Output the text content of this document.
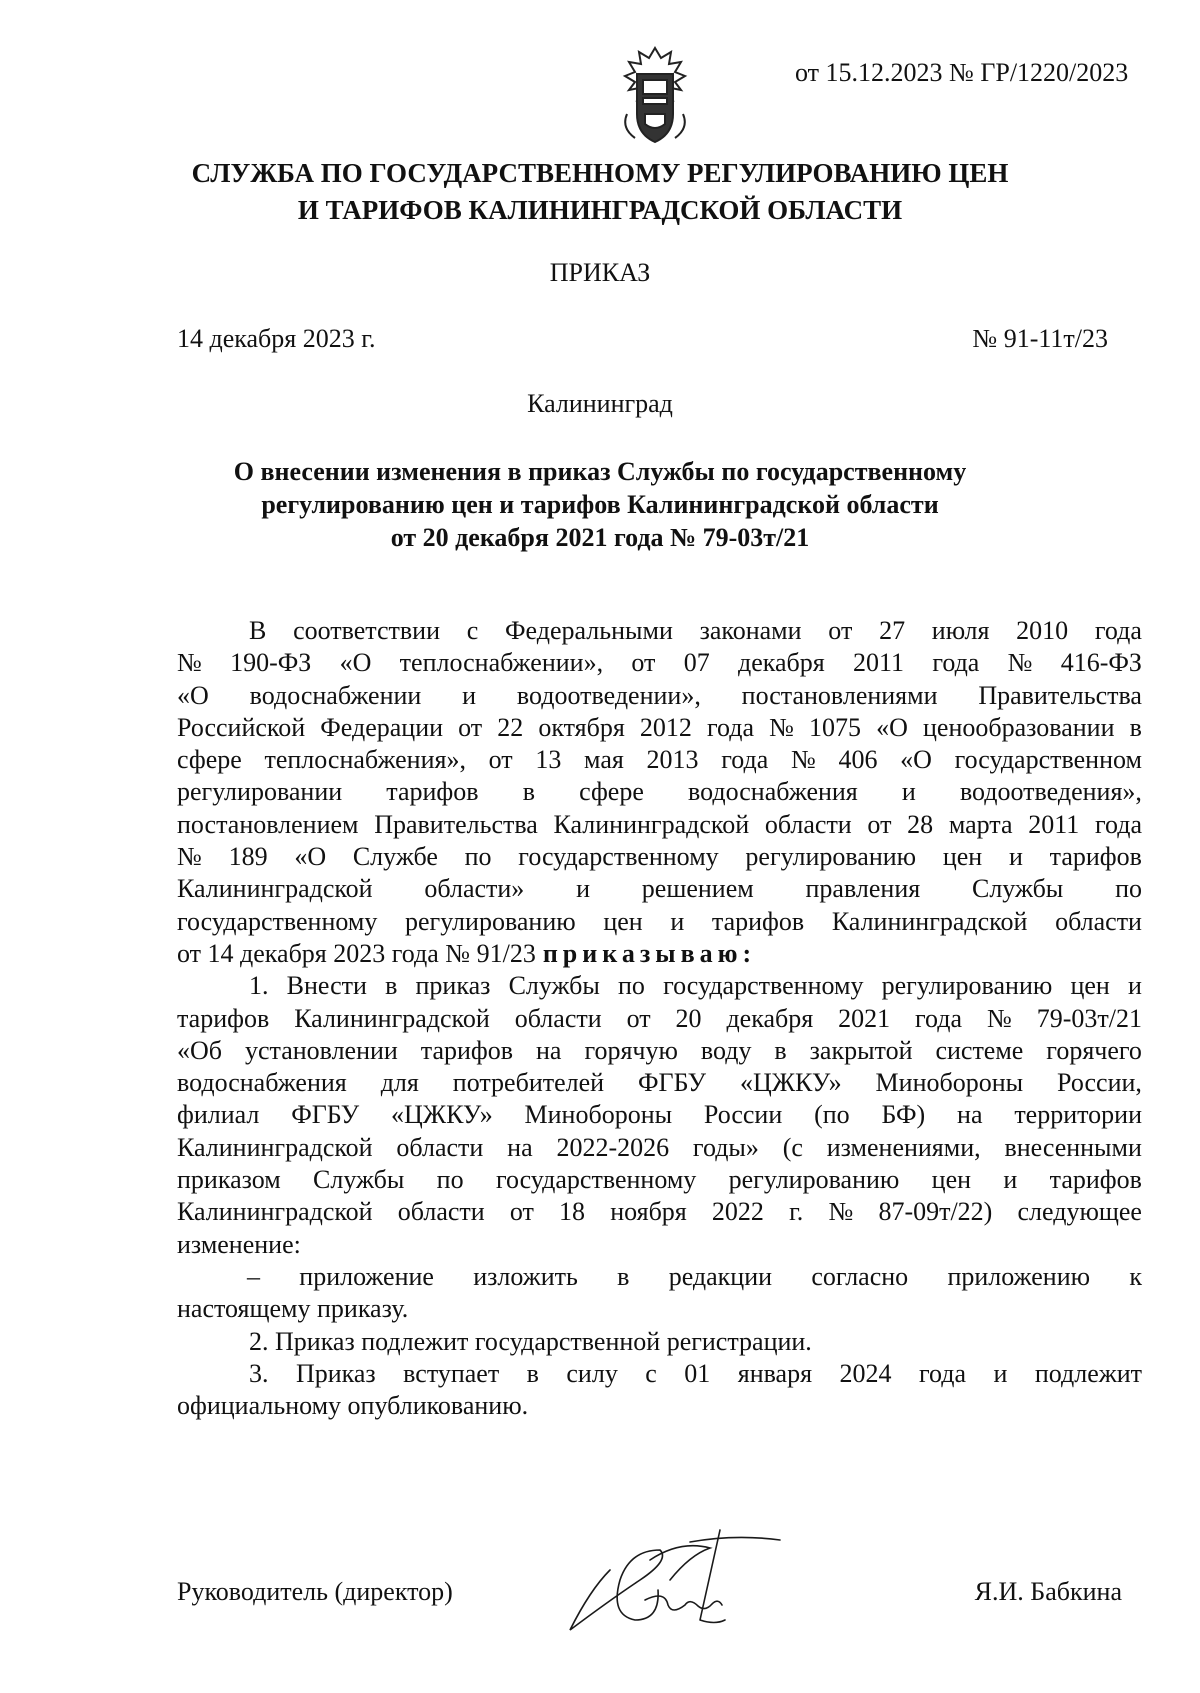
от 15.12.2023 № ГР/1220/2023
СЛУЖБА ПО ГОСУДАРСТВЕННОМУ РЕГУЛИРОВАНИЮ ЦЕН
И ТАРИФОВ КАЛИНИНГРАДСКОЙ ОБЛАСТИ
ПРИКАЗ
14 декабря 2023 г.	№ 91-11т/23
Калининград
О внесении изменения в приказ Службы по государственному
регулированию цен и тарифов Калининградской области
от 20 декабря 2021 года № 79-03т/21
В соответствии с Федеральными законами от 27 июля 2010 года
№ 190-ФЗ «О теплоснабжении», от 07 декабря 2011 года № 416-ФЗ
«О водоснабжении и водоотведении», постановлениями Правительства
Российской Федерации от 22 октября 2012 года № 1075 «О ценообразовании в
сфере теплоснабжения», от 13 мая 2013 года № 406 «О государственном
регулировании тарифов в сфере водоснабжения и водоотведения»,
постановлением Правительства Калининградской области от 28 марта 2011 года
№ 189 «О Службе по государственному регулированию цен и тарифов
Калининградской области» и решением правления Службы по
государственному регулированию цен и тарифов Калининградской области
от 14 декабря 2023 года № 91/23 приказываю:
1. Внести в приказ Службы по государственному регулированию цен и
тарифов Калининградской области от 20 декабря 2021 года № 79-03т/21
«Об установлении тарифов на горячую воду в закрытой системе горячего
водоснабжения для потребителей ФГБУ «ЦЖКУ» Минобороны России,
филиал ФГБУ «ЦЖКУ» Минобороны России (по БФ) на территории
Калининградской области на 2022-2026 годы» (с изменениями, внесенными
приказом Службы по государственному регулированию цен и тарифов
Калининградской области от 18 ноября 2022 г. № 87-09т/22) следующее
изменение:
– приложение изложить в редакции согласно приложению к
настоящему приказу.
2. Приказ подлежит государственной регистрации.
3. Приказ вступает в силу с 01 января 2024 года и подлежит
официальному опубликованию.
Руководитель (директор)	Я.И. Бабкина
